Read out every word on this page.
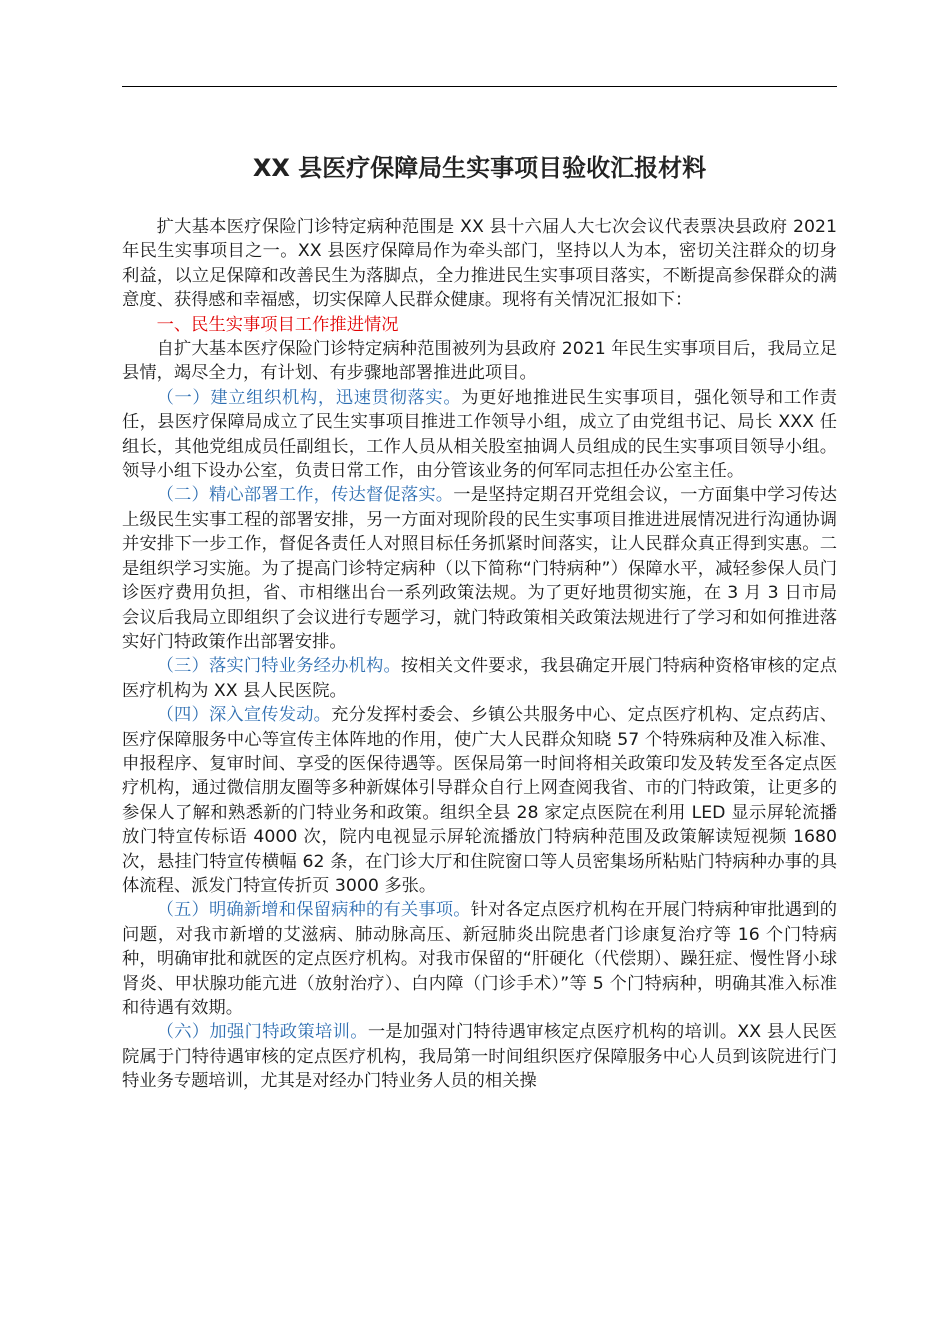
XX 县医疗保障局生实事项目验收汇报材料

扩大基本医疗保险门诊特定病种范围是 XX 县十六届人大七次会议代表票决县政府 2021 年民生实事项目之一。XX 县医疗保障局作为牵头部门，坚持以人为本，密切关注群众的切身利益，以立足保障和改善民生为落脚点，全力推进民生实事项目落实，不断提高参保群众的满意度、获得感和幸福感，切实保障人民群众健康。现将有关情况汇报如下：

一、民生实事项目工作推进情况

自扩大基本医疗保险门诊特定病种范围被列为县政府 2021 年民生实事项目后，我局立足县情，竭尽全力，有计划、有步骤地部署推进此项目。

（一）建立组织机构，迅速贯彻落实。为更好地推进民生实事项目，强化领导和工作责任，县医疗保障局成立了民生实事项目推进工作领导小组，成立了由党组书记、局长 XXX 任组长，其他党组成员任副组长，工作人员从相关股室抽调人员组成的民生实事项目领导小组。领导小组下设办公室，负责日常工作，由分管该业务的何军同志担任办公室主任。

（二）精心部署工作，传达督促落实。一是坚持定期召开党组会议，一方面集中学习传达上级民生实事工程的部署安排，另一方面对现阶段的民生实事项目推进进展情况进行沟通协调并安排下一步工作，督促各责任人对照目标任务抓紧时间落实，让人民群众真正得到实惠。二是组织学习实施。为了提高门诊特定病种（以下简称“门特病种”）保障水平，减轻参保人员门诊医疗费用负担，省、市相继出台一系列政策法规。为了更好地贯彻实施，在 3 月 3 日市局会议后我局立即组织了会议进行专题学习，就门特政策相关政策法规进行了学习和如何推进落实好门特政策作出部署安排。

（三）落实门特业务经办机构。按相关文件要求，我县确定开展门特病种资格审核的定点医疗机构为 XX 县人民医院。

（四）深入宣传发动。充分发挥村委会、乡镇公共服务中心、定点医疗机构、定点药店、医疗保障服务中心等宣传主体阵地的作用，使广大人民群众知晓 57 个特殊病种及准入标准、申报程序、复审时间、享受的医保待遇等。医保局第一时间将相关政策印发及转发至各定点医疗机构，通过微信朋友圈等多种新媒体引导群众自行上网查阅我省、市的门特政策，让更多的参保人了解和熟悉新的门特业务和政策。组织全县 28 家定点医院在利用 LED 显示屏轮流播放门特宣传标语 4000 次，院内电视显示屏轮流播放门特病种范围及政策解读短视频 1680 次，悬挂门特宣传横幅 62 条，在门诊大厅和住院窗口等人员密集场所粘贴门特病种办事的具体流程、派发门特宣传折页 3000 多张。

（五）明确新增和保留病种的有关事项。针对各定点医疗机构在开展门特病种审批遇到的问题，对我市新增的艾滋病、肺动脉高压、新冠肺炎出院患者门诊康复治疗等 16 个门特病种，明确审批和就医的定点医疗机构。对我市保留的“肝硬化（代偿期）、躁狂症、慢性肾小球肾炎、甲状腺功能亢进（放射治疗）、白内障（门诊手术）”等 5 个门特病种，明确其准入标准和待遇有效期。

（六）加强门特政策培训。一是加强对门特待遇审核定点医疗机构的培训。XX 县人民医院属于门特待遇审核的定点医疗机构，我局第一时间组织医疗保障服务中心人员到该院进行门特业务专题培训，尤其是对经办门特业务人员的相关操
